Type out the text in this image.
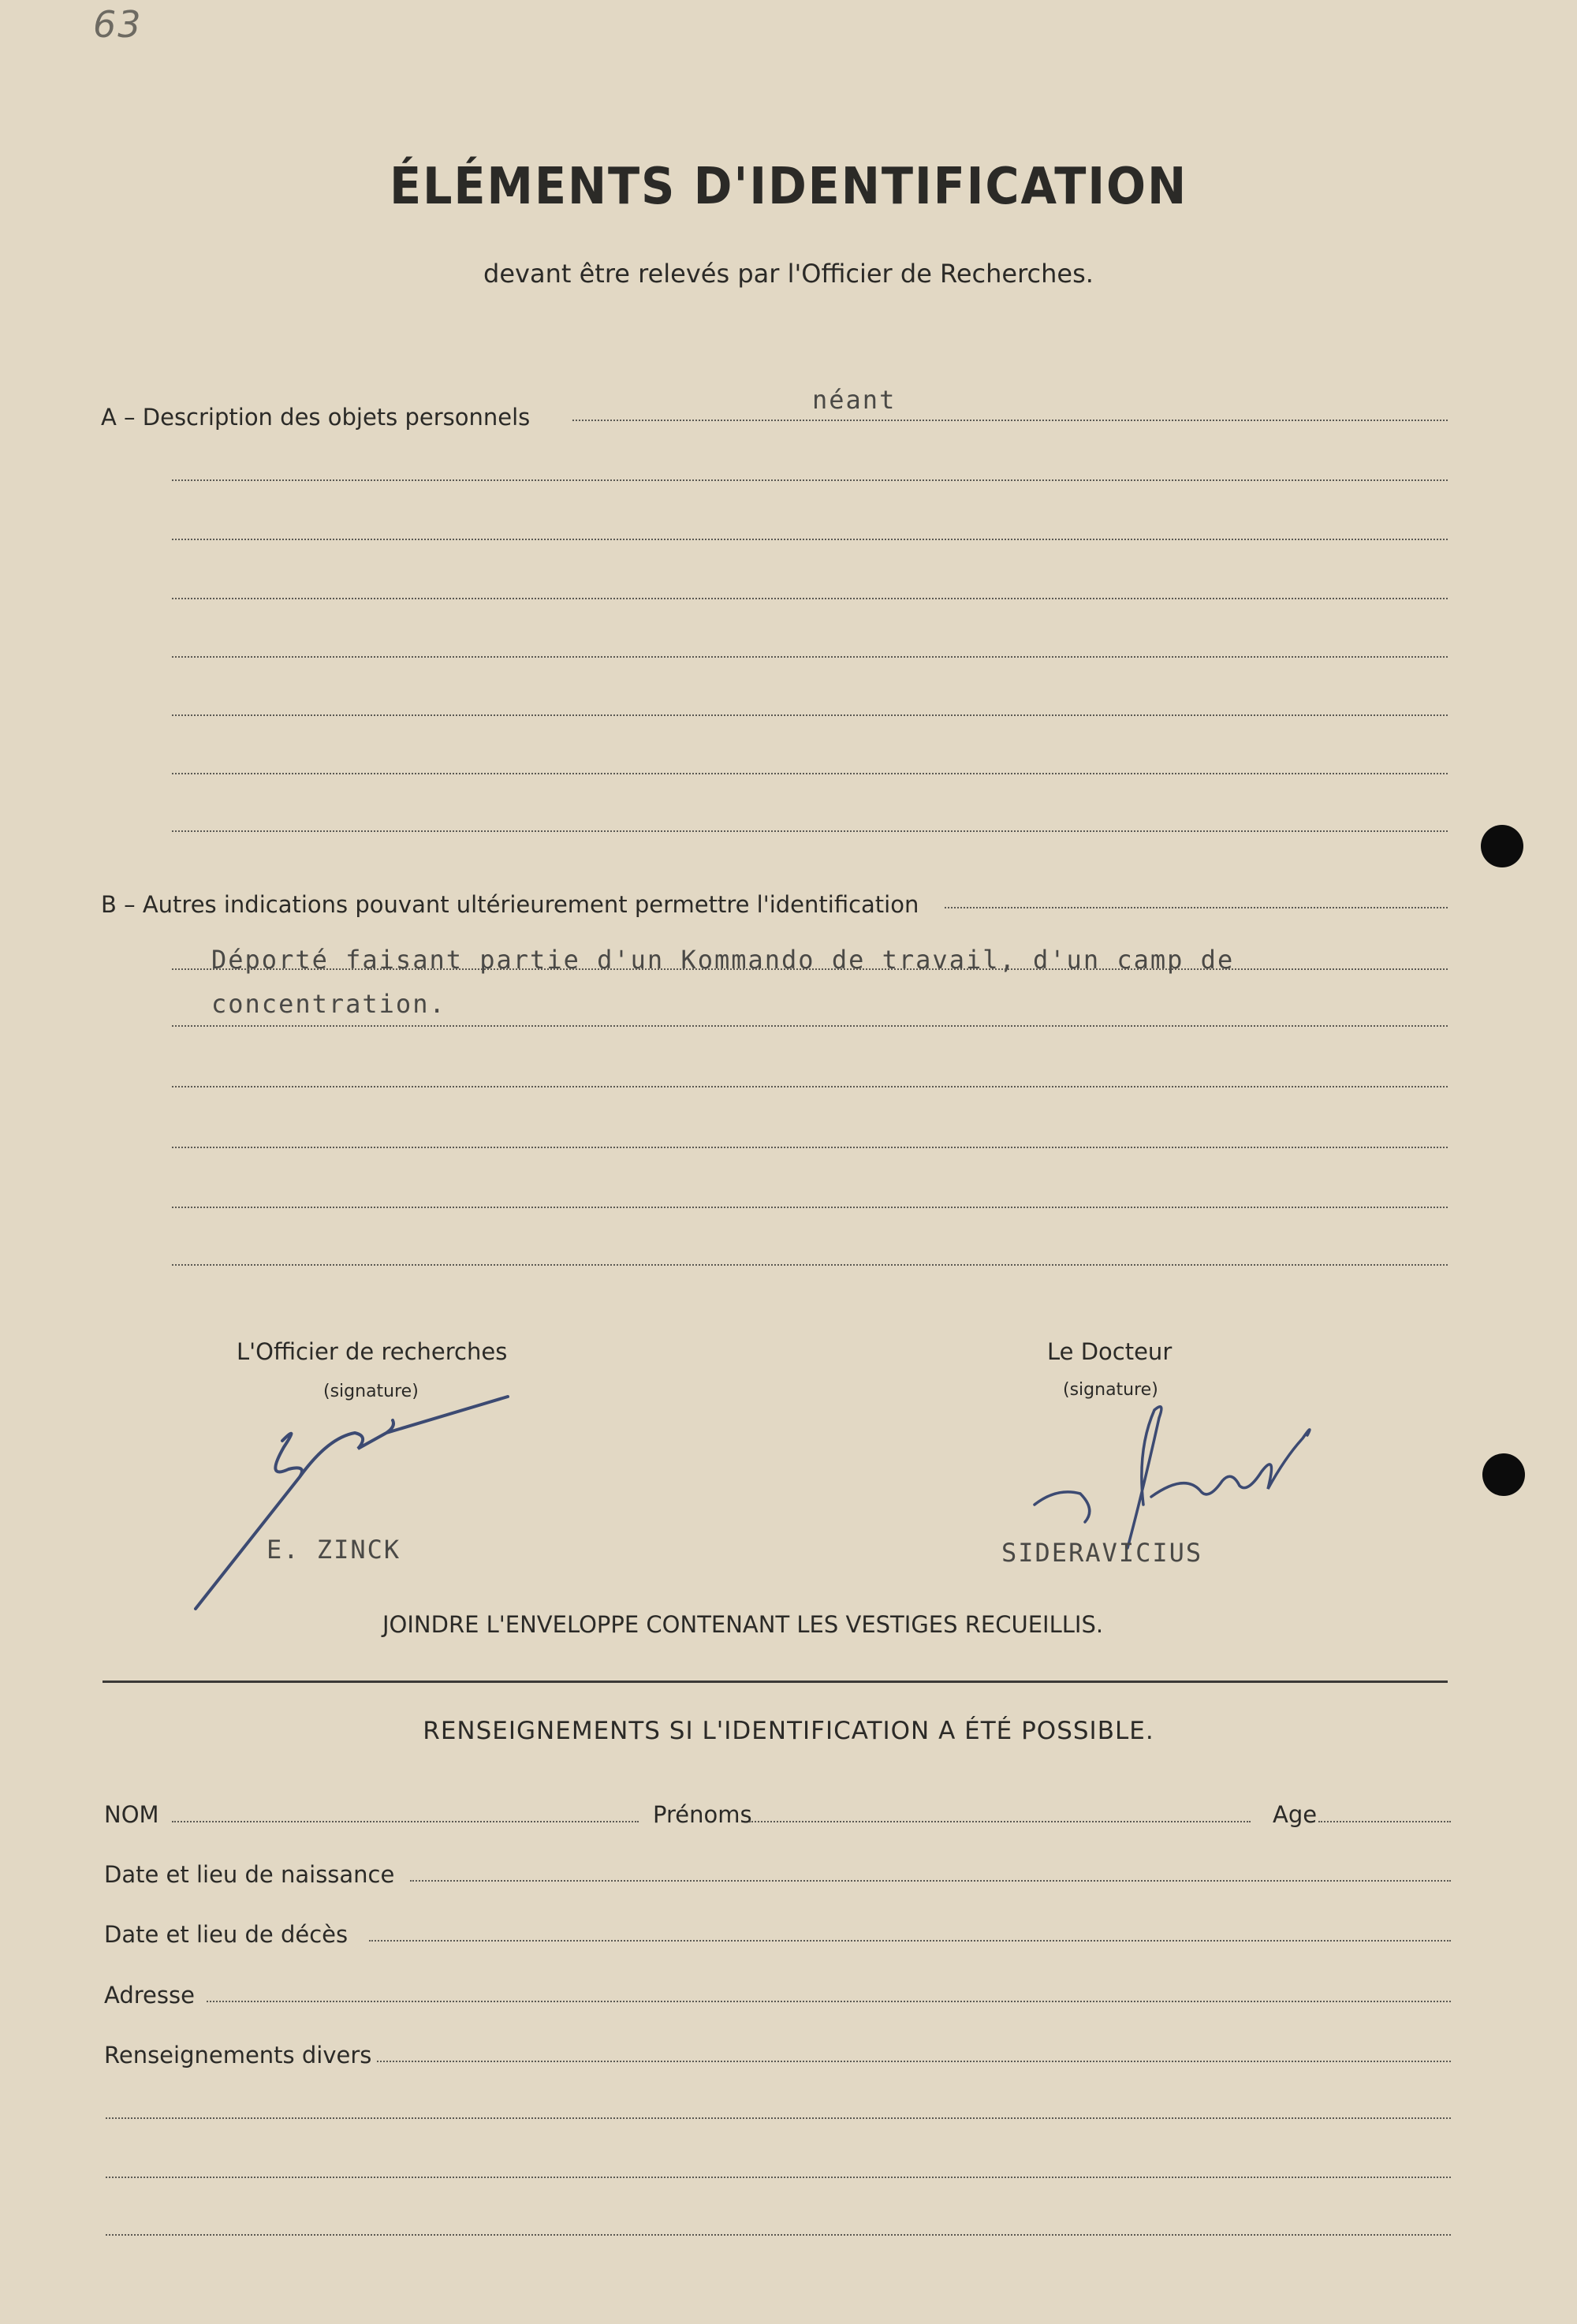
63
ÉLÉMENTS D'IDENTIFICATION
devant être relevés par l'Officier de Recherches.
A – Description des objets personnels
néant
B – Autres indications pouvant ultérieurement permettre l'identification
Déporté faisant partie d'un Kommando de travail, d'un camp de
concentration.
L'Officier de recherches
(signature)
E. ZINCK
Le Docteur
(signature)
SIDERAVICIUS
JOINDRE L'ENVELOPPE CONTENANT LES VESTIGES RECUEILLIS.
RENSEIGNEMENTS SI L'IDENTIFICATION A ÉTÉ POSSIBLE.
NOM	Prénoms	Age
Date et lieu de naissance
Date et lieu de décès
Adresse
Renseignements divers
